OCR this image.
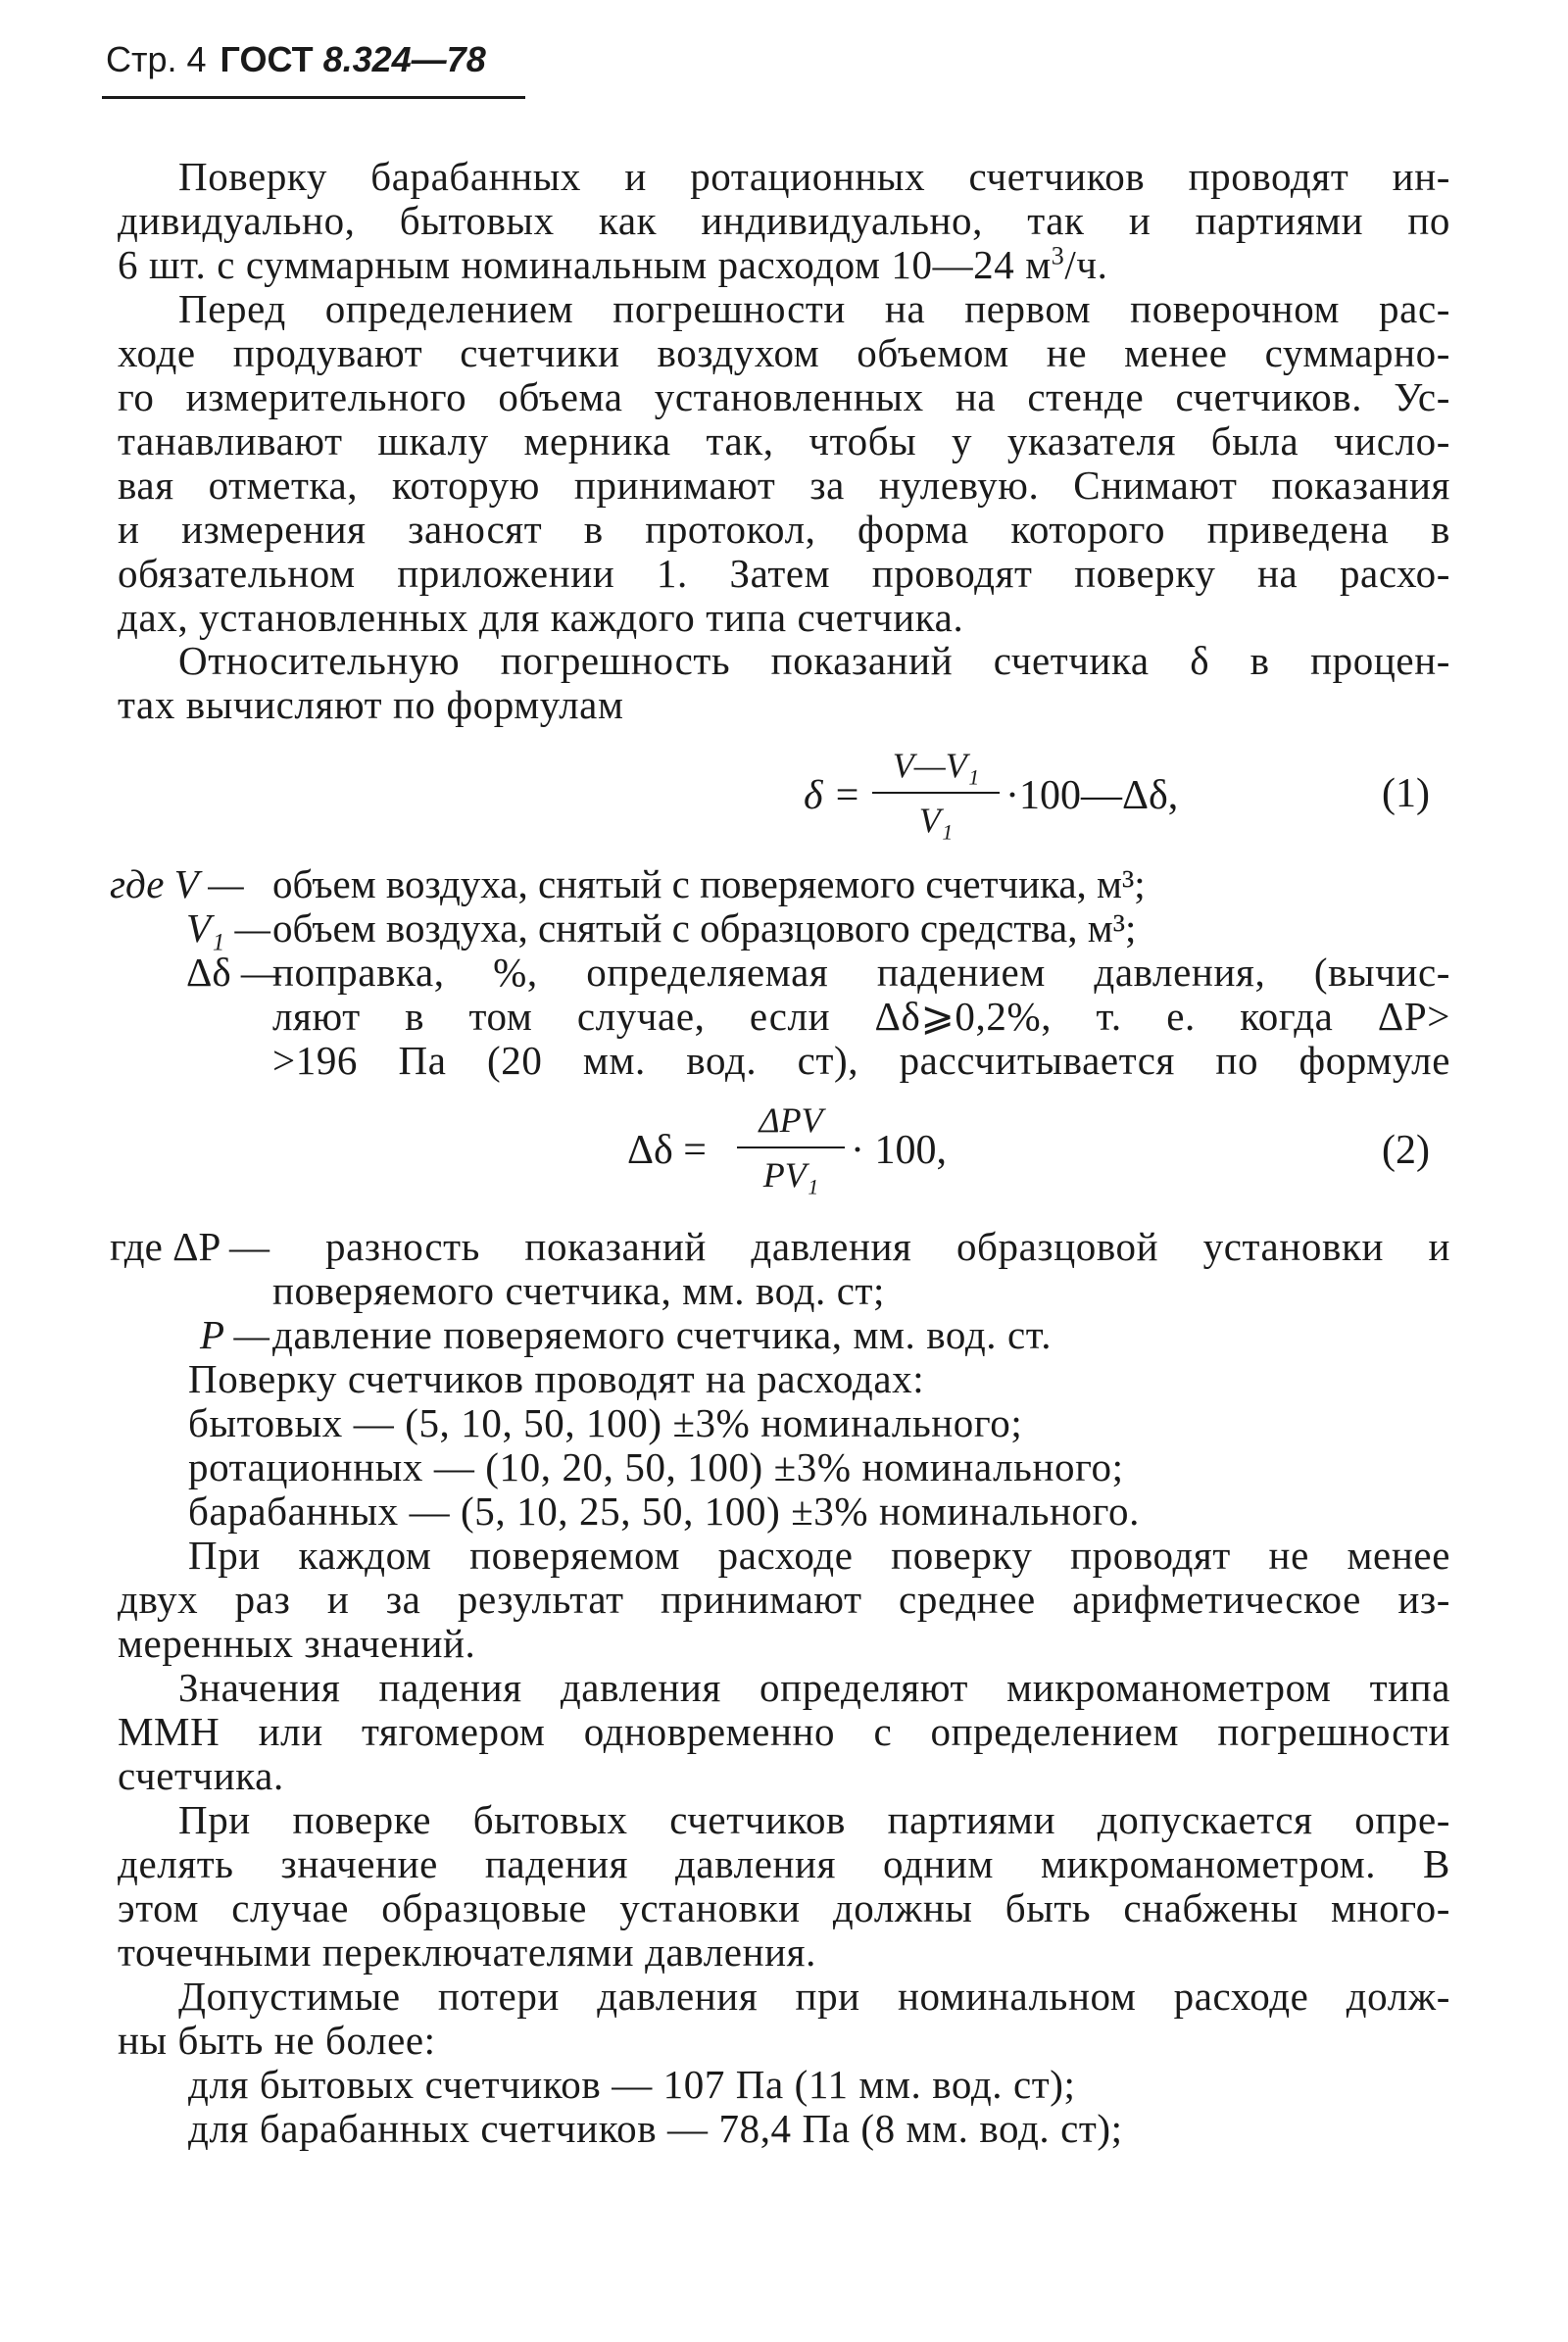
Стр. 4 ГОСТ 8.324—78
Поверку барабанных и ротационных счетчиков проводят ин-
дивидуально, бытовых как индивидуально, так и партиями по
6 шт. с суммарным номинальным расходом 10—24 $м^3/ч$.
Перед определением погрешности на первом поверочном рас-
ходе продувают счетчики воздухом объемом не менее суммарно-
го измерительного объема установленных на стенде счетчиков. Ус-
танавливают шкалу мерника так, чтобы у указателя была число-
вая отметка, которую принимают за нулевую. Снимают показания
и измерения заносят в протокол, форма которого приведена в
обязательном приложении 1. Затем проводят поверку на расхо-
дах, установленных для каждого типа счетчика.
Относительную погрешность показаний счетчика δ в процен-
тах вычисляют по формулам
δ =
V—V₁
V₁
·100—Δδ,	(1)
где V — объем воздуха, снятый с поверяемого счетчика, м³;
V₁ — объем воздуха, снятый с образцового средства, м³;
Δδ —
поправка, %, определяемая падением давления, (вычис-
ляют в том случае, если Δδ⩾0,2%, т. е. когда ΔP>
>196 Па (20 мм. вод. ст), рассчитывается по формуле
Δδ =
ΔPV
PV₁
· 100,	(2)
где ΔP — разность показаний давления образцовой установки и
поверяемого счетчика, мм. вод. ст;
P — давление поверяемого счетчика, мм. вод. ст.
Поверку счетчиков проводят на расходах:
бытовых — (5, 10, 50, 100) ±3% номинального;
ротационных — (10, 20, 50, 100) ±3% номинального;
барабанных — (5, 10, 25, 50, 100) ±3% номинального.
При каждом поверяемом расходе поверку проводят не менее
двух раз и за результат принимают среднее арифметическое из-
меренных значений.
Значения падения давления определяют микроманометром типа
ММН или тягомером одновременно с определением погрешности
счетчика.
При поверке бытовых счетчиков партиями допускается опре-
делять значение падения давления одним микроманометром. В
этом случае образцовые установки должны быть снабжены много-
точечными переключателями давления.
Допустимые потери давления при номинальном расходе долж-
ны быть не более:
для бытовых счетчиков — 107 Па (11 мм. вод. ст);
для барабанных счетчиков — 78,4 Па (8 мм. вод. ст);
